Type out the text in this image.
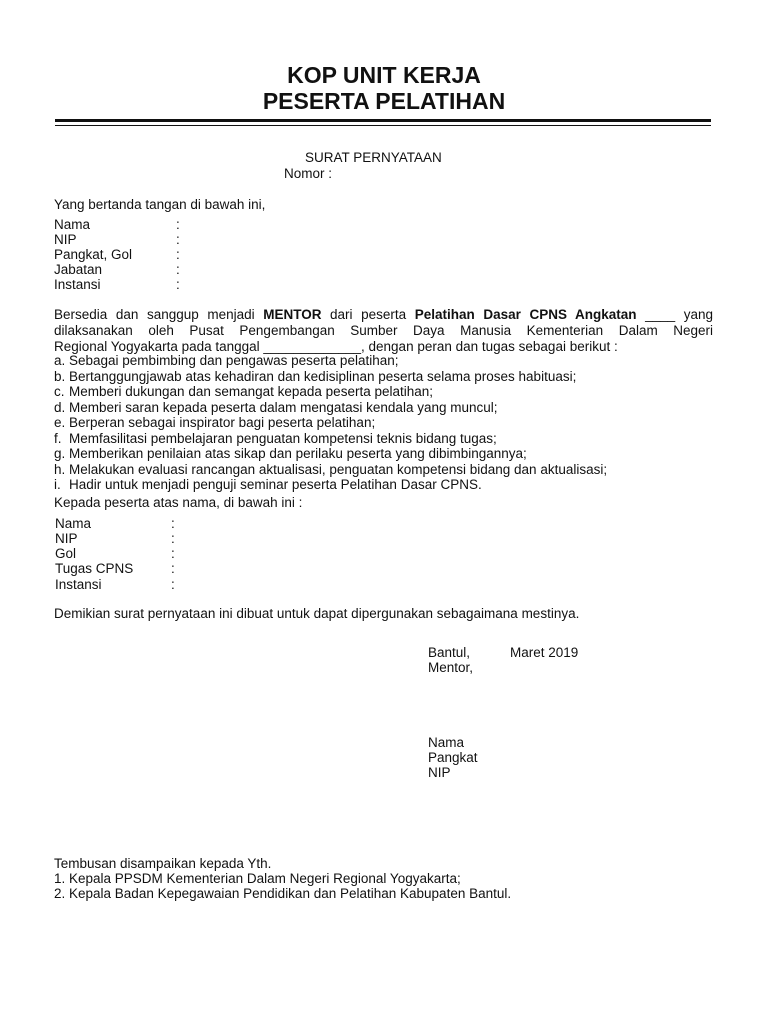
KOP UNIT KERJA
PESERTA PELATIHAN
SURAT PERNYATAAN
Nomor :
Yang bertanda tangan di bawah ini,
Nama	:
NIP	:
Pangkat, Gol	:
Jabatan	:
Instansi	:
Bersedia dan sanggup menjadi MENTOR dari peserta Pelatihan Dasar CPNS Angkatan ____ yang
dilaksanakan oleh Pusat Pengembangan Sumber Daya Manusia Kementerian Dalam Negeri
Regional Yogyakarta pada tanggal _____________, dengan peran dan tugas sebagai berikut :
a. Sebagai pembimbing dan pengawas peserta pelatihan;
b. Bertanggungjawab atas kehadiran dan kedisiplinan peserta selama proses habituasi;
c. Memberi dukungan dan semangat kepada peserta pelatihan;
d. Memberi saran kepada peserta dalam mengatasi kendala yang muncul;
e. Berperan sebagai inspirator bagi peserta pelatihan;
f. Memfasilitasi pembelajaran penguatan kompetensi teknis bidang tugas;
g. Memberikan penilaian atas sikap dan perilaku peserta yang dibimbingannya;
h. Melakukan evaluasi rancangan aktualisasi, penguatan kompetensi bidang dan aktualisasi;
i. Hadir untuk menjadi penguji seminar peserta Pelatihan Dasar CPNS.
Kepada peserta atas nama, di bawah ini :
Nama	:
NIP	:
Gol	:
Tugas CPNS	:
Instansi	:
Demikian surat pernyataan ini dibuat untuk dapat dipergunakan sebagaimana mestinya.
Bantul,	Maret 2019
Mentor,
Nama
Pangkat
NIP
Tembusan disampaikan kepada Yth.
1. Kepala PPSDM Kementerian Dalam Negeri Regional Yogyakarta;
2. Kepala Badan Kepegawaian Pendidikan dan Pelatihan Kabupaten Bantul.
